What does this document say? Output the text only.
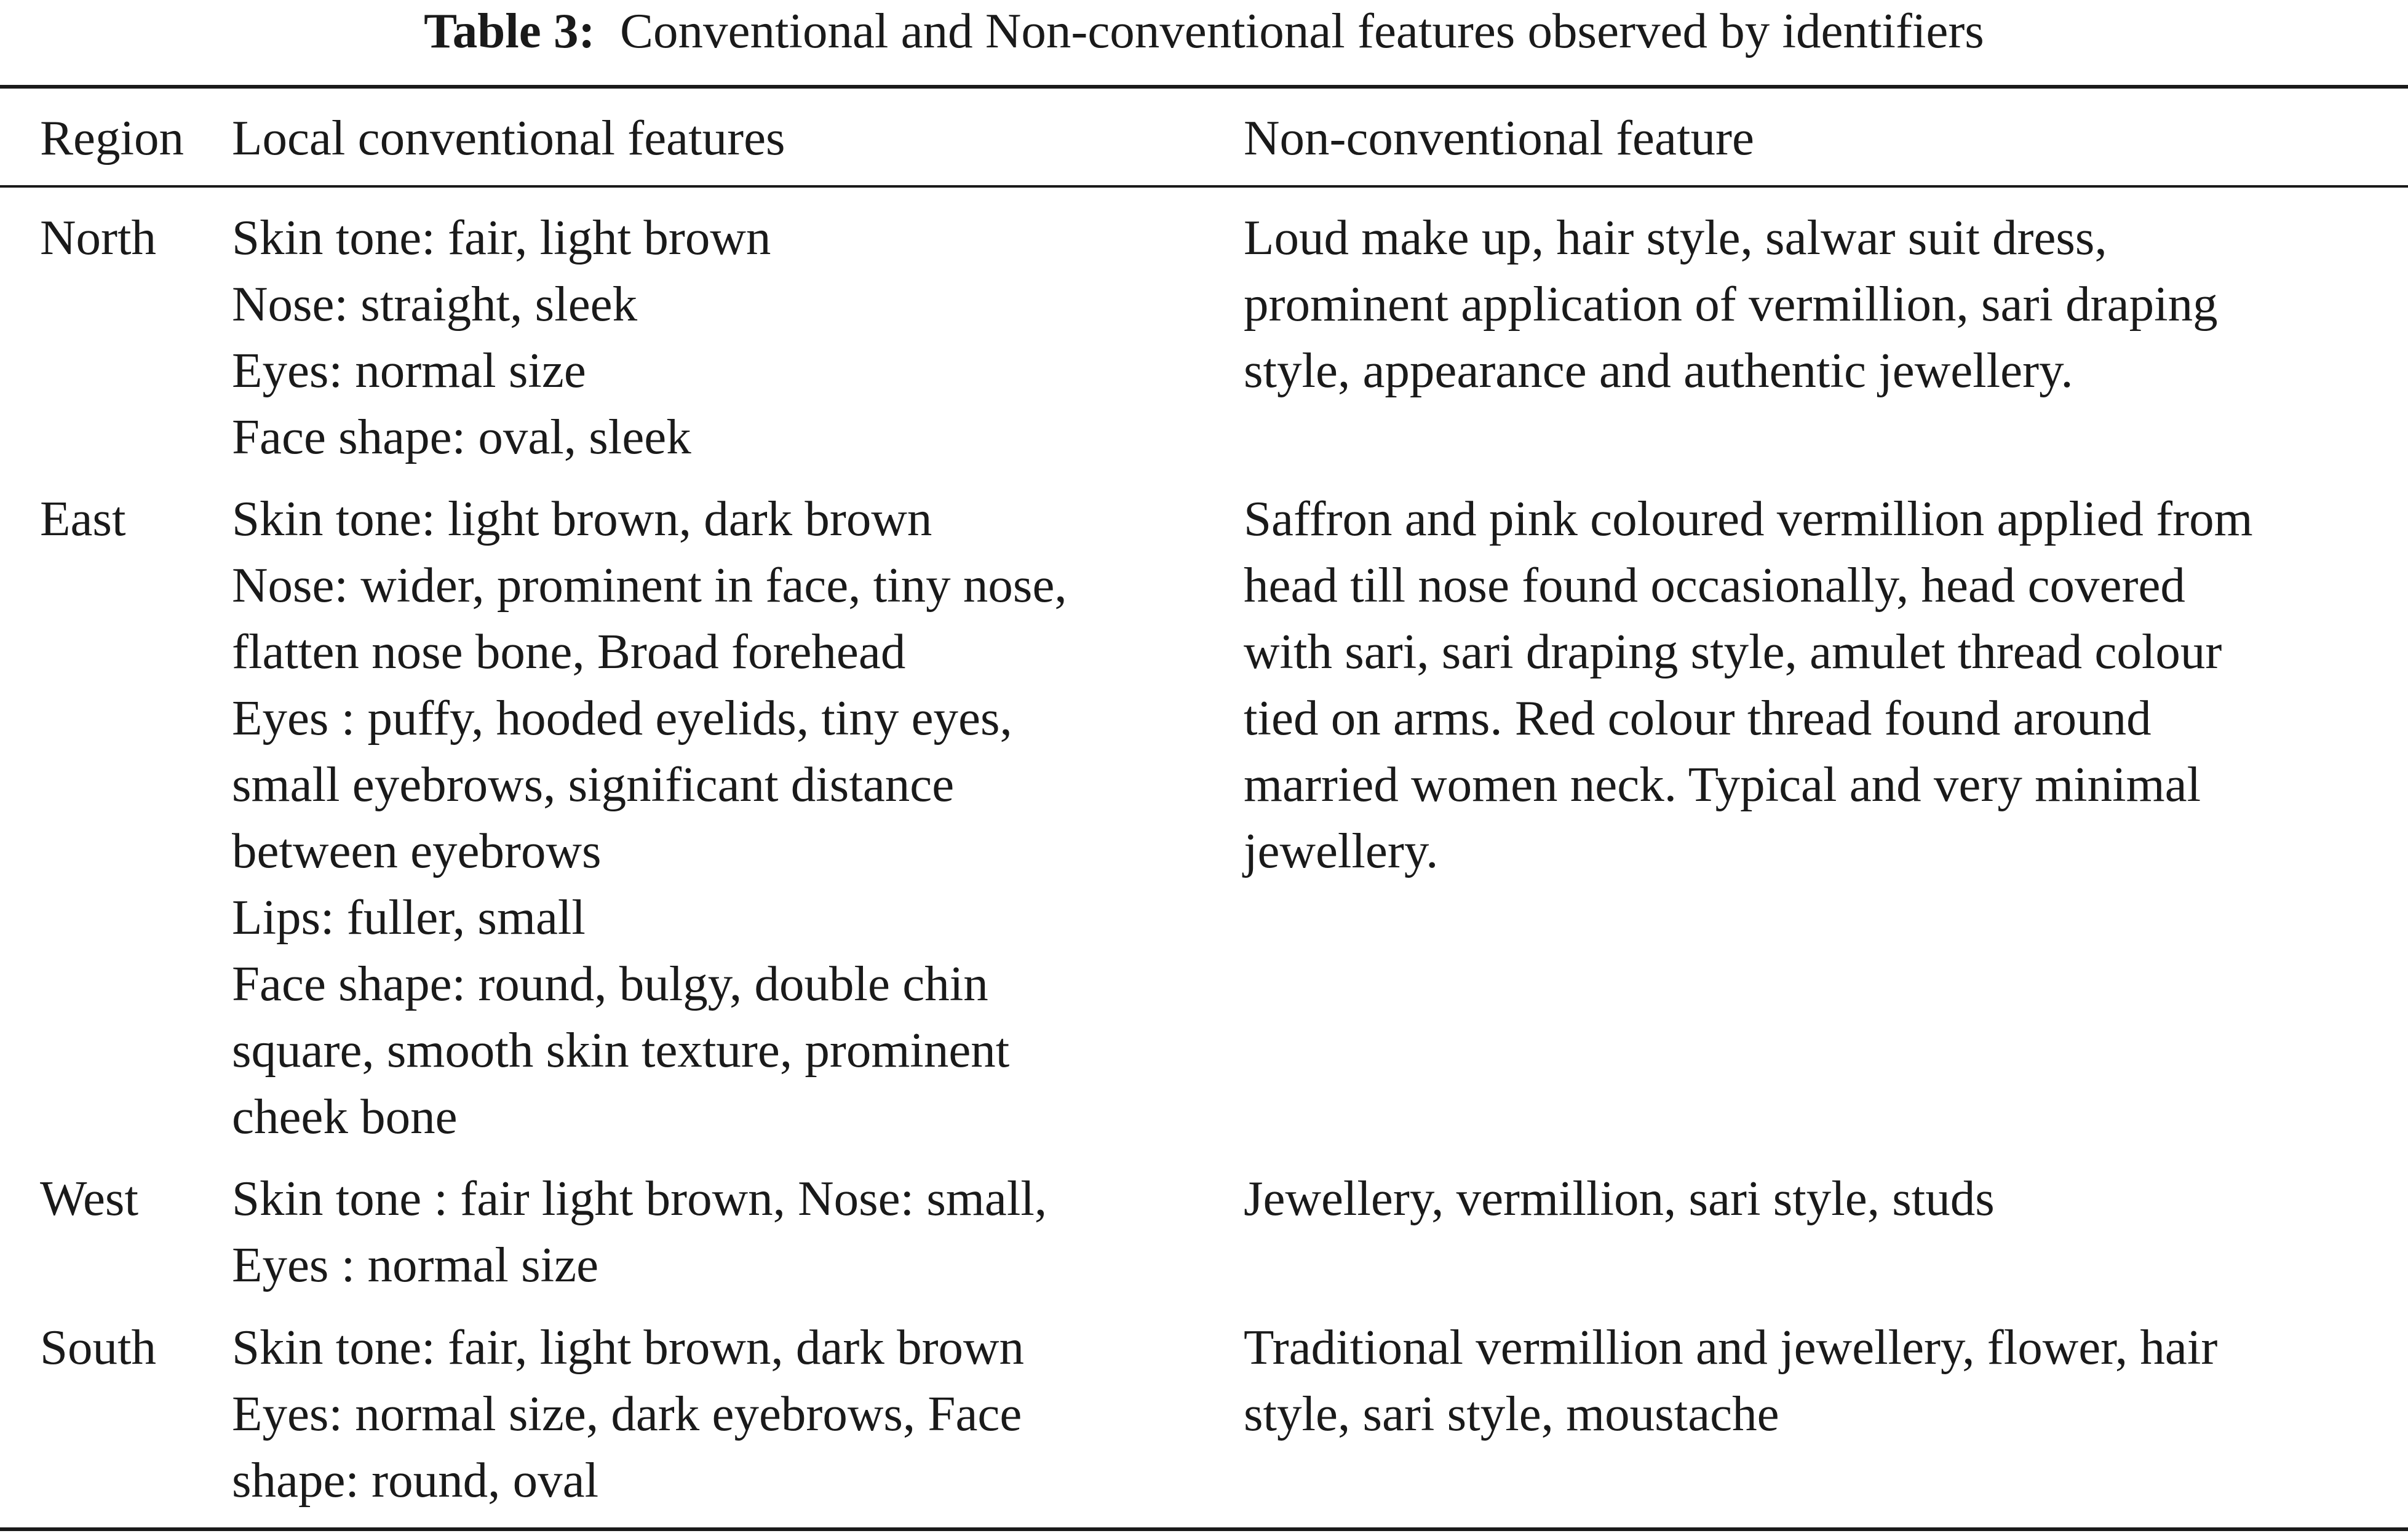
Table 3: Conventional and Non-conventional features observed by identifiers
Region Local conventional features	Non-conventional feature
North Skin tone: fair, light brown
Nose: straight, sleek
Eyes: normal size
Face shape: oval, sleek
Loud make up, hair style, salwar suit dress,
prominent application of vermillion, sari draping
style, appearance and authentic jewellery.
East Skin tone: light brown, dark brown
Nose: wider, prominent in face, tiny nose,
flatten nose bone, Broad forehead
Eyes : puffy, hooded eyelids, tiny eyes,
small eyebrows, significant distance
between eyebrows
Lips: fuller, small
Face shape: round, bulgy, double chin
square, smooth skin texture, prominent
cheek bone
Saffron and pink coloured vermillion applied from
head till nose found occasionally, head covered
with sari, sari draping style, amulet thread colour
tied on arms. Red colour thread found around
married women neck. Typical and very minimal
jewellery.
West Skin tone : fair light brown, Nose: small,
Eyes : normal size
Jewellery, vermillion, sari style, studs
South Skin tone: fair, light brown, dark brown
Eyes: normal size, dark eyebrows, Face
shape: round, oval
Traditional vermillion and jewellery, flower, hair
style, sari style, moustache
